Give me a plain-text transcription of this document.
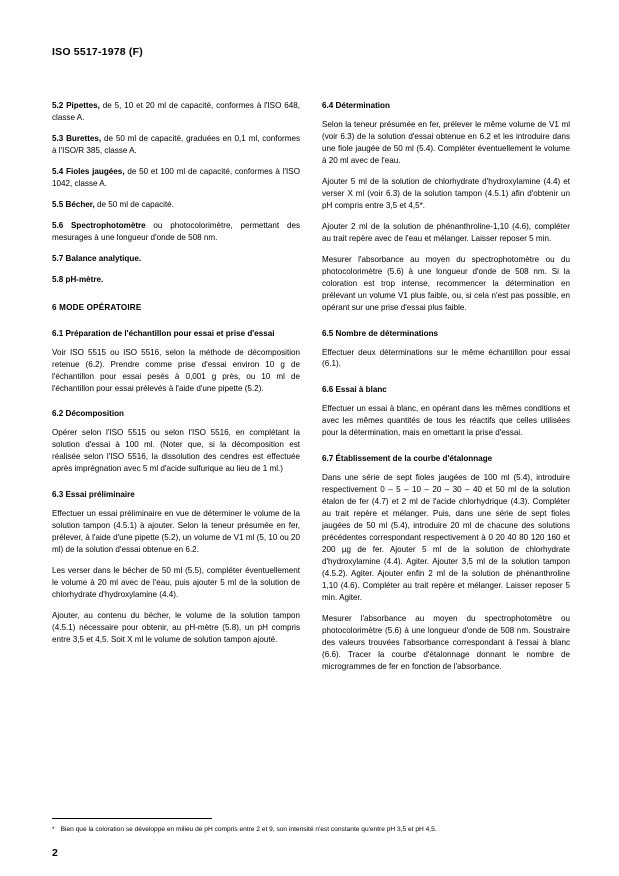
ISO 5517-1978 (F)

5.2 Pipettes, de 5, 10 et 20 ml de capacité, conformes à l'ISO 648, classe A.

5.3 Burettes, de 50 ml de capacité, graduées en 0,1 ml, conformes à l'ISO/R 385, classe A.

5.4 Fioles jaugées, de 50 et 100 ml de capacité, conformes à l'ISO 1042, classe A.

5.5 Bécher, de 50 ml de capacité.

5.6 Spectrophotomètre ou photocolorimètre, permettant des mesurages à une longueur d'onde de 508 nm.

5.7 Balance analytique.

5.8 pH-mètre.

6 MODE OPÉRATOIRE

6.1 Préparation de l'échantillon pour essai et prise d'essai

Voir ISO 5515 ou ISO 5516, selon la méthode de décomposition retenue (6.2). Prendre comme prise d'essai environ 10 g de l'échantillon pour essai pesés à 0,001 g près, ou 10 ml de l'échantillon pour essai prélevés à l'aide d'une pipette (5.2).

6.2 Décomposition

Opérer selon l'ISO 5515 ou selon l'ISO 5516, en complétant la solution d'essai à 100 ml. (Noter que, si la décomposition est réalisée selon l'ISO 5516, la dissolution des cendres est effectuée après imprégnation avec 5 ml d'acide sulfurique au lieu de 1 ml.)

6.3 Essai préliminaire

Effectuer un essai préliminaire en vue de déterminer le volume de la solution tampon (4.5.1) à ajouter. Selon la teneur présumée en fer, prélever, à l'aide d'une pipette (5.2), un volume de V1 ml (5, 10 ou 20 ml) de la solution d'essai obtenue en 6.2.

Les verser dans le bécher de 50 ml (5.5), compléter éventuellement le volume à 20 ml avec de l'eau, puis ajouter 5 ml de la solution de chlorhydrate d'hydroxylamine (4.4).

Ajouter, au contenu du bécher, le volume de la solution tampon (4.5.1) nécessaire pour obtenir, au pH-mètre (5.8), un pH compris entre 3,5 et 4,5. Soit X ml le volume de solution tampon ajouté.

6.4 Détermination

Selon la teneur présumée en fer, prélever le même volume de V1 ml (voir 6.3) de la solution d'essai obtenue en 6.2 et les introduire dans une fiole jaugée de 50 ml (5.4). Compléter éventuellement le volume à 20 ml avec de l'eau.

Ajouter 5 ml de la solution de chlorhydrate d'hydroxylamine (4.4) et verser X ml (voir 6.3) de la solution tampon (4.5.1) afin d'obtenir un pH compris entre 3,5 et 4,5*.

Ajouter 2 ml de la solution de phénanthroline-1,10 (4.6), compléter au trait repère avec de l'eau et mélanger. Laisser reposer 5 min.

Mesurer l'absorbance au moyen du spectrophotomètre ou du photocolorimètre (5.6) à une longueur d'onde de 508 nm. Si la coloration est trop intense, recommencer la détermination en prélevant un volume V1 plus faible, ou, si cela n'est pas possible, en opérant sur une prise d'essai plus faible.

6.5 Nombre de déterminations

Effectuer deux déterminations sur le même échantillon pour essai (6.1).

6.6 Essai à blanc

Effectuer un essai à blanc, en opérant dans les mêmes conditions et avec les mêmes quantités de tous les réactifs que celles utilisées pour la détermination, mais en omettant la prise d'essai.

6.7 Établissement de la courbe d'étalonnage

Dans une série de sept fioles jaugées de 100 ml (5.4), introduire respectivement 0 – 5 – 10 – 20 – 30 – 40 et 50 ml de la solution étalon de fer (4.7) et 2 ml de l'acide chlorhydrique (4.3). Compléter au trait repère et mélanger. Puis, dans une série de sept fioles jaugées de 50 ml (5.4), introduire 20 ml de chacune des solutions précédentes correspondant respectivement à 0 20 40 80 120 160 et 200 µg de fer. Ajouter 5 ml de la solution de chlorhydrate d'hydroxylamine (4.4). Agiter. Ajouter 3,5 ml de la solution tampon (4.5.2). Agiter. Ajouter enfin 2 ml de la solution de phénanthroline 1,10 (4.6). Compléter au trait repère et mélanger. Laisser reposer 5 min. Agiter.

Mesurer l'absorbance au moyen du spectrophotomètre ou photocolorimètre (5.6) à une longueur d'onde de 508 nm. Soustraire des valeurs trouvées l'absorbance correspondant à l'essai à blanc (6.6). Tracer la courbe d'étalonnage donnant le nombre de microgrammes de fer en fonction de l'absorbance.

* Bien que la coloration se développe en milieu de pH compris entre 2 et 9, son intensité n'est constante qu'entre pH 3,5 et pH 4,5.
2
